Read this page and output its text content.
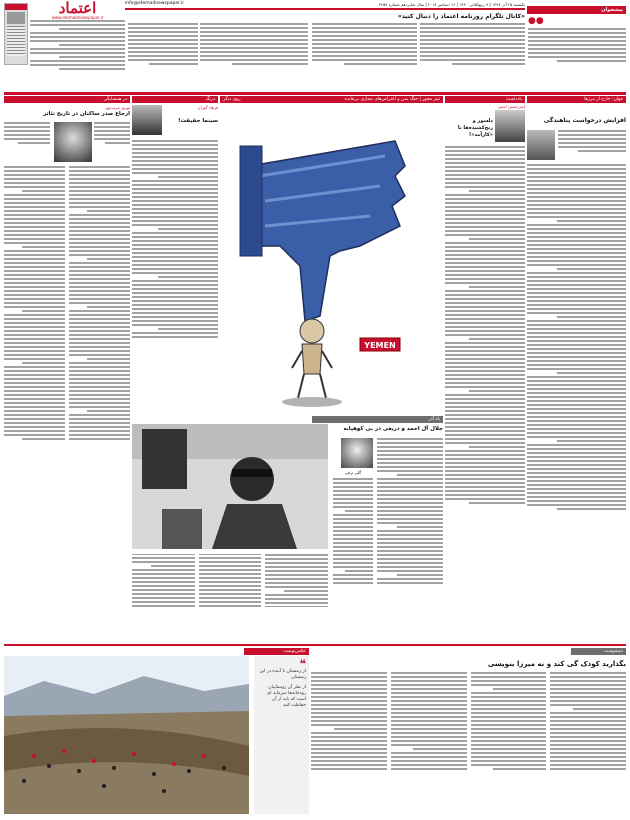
اعتماد
www.etemadnewspaper.ir
info@etemadnewspaper.ir	یکشنبه ۲۵ آذر ۱۳۹۷ | ۹ ربیع‌الثانی ۱۴۴۰ | ۱۶ دسامبر ۲۰۱۸ | سال شانزدهم شماره ۴۲۵۷
پیشخوان
«کانال تلگرام روزنامه اعتماد را دنبال کنید» ●●
جهان: خارج از مرزها
افزایش درخواست پناهندگی
یادداشت
امیرحسین امینی
دلسوز و رنج‌کشیده‌ها با «کارآمد»!
تیتر محور | جنگ یمن و اعتراض‌های مجازی بی‌فایده
روی دیگر
YEMEN
درنگ
فرهاد گوران
سینما حقیقت!
در همسایگی
بهروز غریب‌پور
ارجاع صدر ساکنان در تاریخ تئاتر
یاد آذر
جلال آل احمد و دریغی در بی کوهپایه
گلی ترقی
عکس‌نوشت
❝
از زمستان تا آینده در این زمستان
از نظر آن روستاییان رودخانه‌ها سرمایه ای است که باید از آن حفاظت کنند
دستنوشت
بگذارید کودک گی کند و نه میرزا بنویسی
